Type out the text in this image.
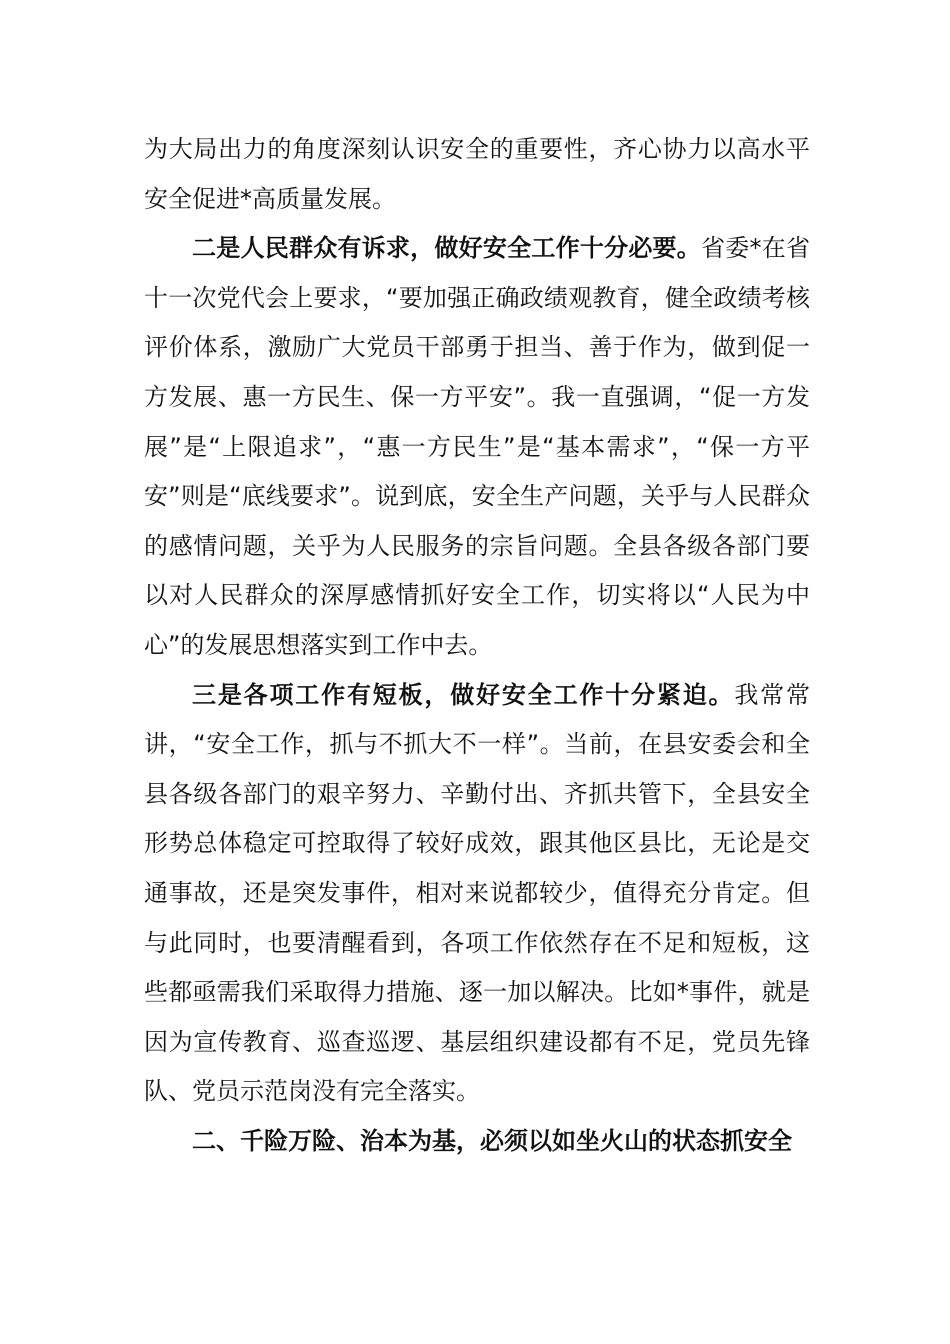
为大局出力的角度深刻认识安全的重要性，齐心协力以高水平安全促进*高质量发展。

二是人民群众有诉求，做好安全工作十分必要。省委*在省十一次党代会上要求，“要加强正确政绩观教育，健全政绩考核评价体系，激励广大党员干部勇于担当、善于作为，做到促一方发展、惠一方民生、保一方平安”。我一直强调，“促一方发展”是“上限追求”，“惠一方民生”是“基本需求”，“保一方平安”则是“底线要求”。说到底，安全生产问题，关乎与人民群众的感情问题，关乎为人民服务的宗旨问题。全县各级各部门要以对人民群众的深厚感情抓好安全工作，切实将以“人民为中心”的发展思想落实到工作中去。

三是各项工作有短板，做好安全工作十分紧迫。我常常讲，“安全工作，抓与不抓大不一样”。当前，在县安委会和全县各级各部门的艰辛努力、辛勤付出、齐抓共管下，全县安全形势总体稳定可控取得了较好成效，跟其他区县比，无论是交通事故，还是突发事件，相对来说都较少，值得充分肯定。但与此同时，也要清醒看到，各项工作依然存在不足和短板，这些都亟需我们采取得力措施、逐一加以解决。比如*事件，就是因为宣传教育、巡查巡逻、基层组织建设都有不足，党员先锋队、党员示范岗没有完全落实。

二、千险万险、治本为基，必须以如坐火山的状态抓安全
